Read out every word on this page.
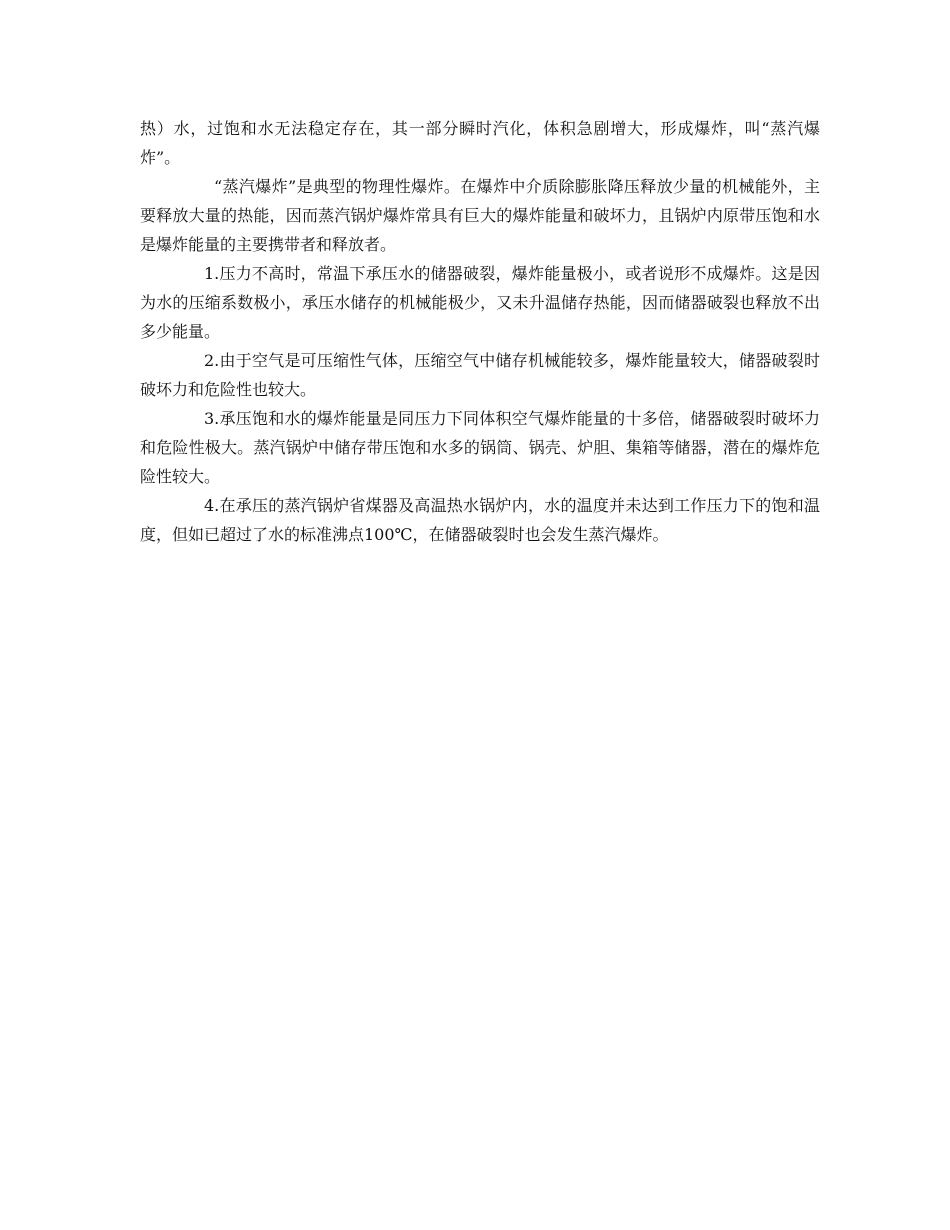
热）水，过饱和水无法稳定存在，其一部分瞬时汽化，体积急剧增大，形成爆炸，叫“蒸汽爆炸”。

“蒸汽爆炸”是典型的物理性爆炸。在爆炸中介质除膨胀降压释放少量的机械能外，主要释放大量的热能，因而蒸汽锅炉爆炸常具有巨大的爆炸能量和破坏力，且锅炉内原带压饱和水是爆炸能量的主要携带者和释放者。

1.压力不高时，常温下承压水的储器破裂，爆炸能量极小，或者说形不成爆炸。这是因为水的压缩系数极小，承压水储存的机械能极少，又未升温储存热能，因而储器破裂也释放不出多少能量。

2.由于空气是可压缩性气体，压缩空气中储存机械能较多，爆炸能量较大，储器破裂时破坏力和危险性也较大。

3.承压饱和水的爆炸能量是同压力下同体积空气爆炸能量的十多倍，储器破裂时破坏力和危险性极大。蒸汽锅炉中储存带压饱和水多的锅筒、锅壳、炉胆、集箱等储器，潜在的爆炸危险性较大。

4.在承压的蒸汽锅炉省煤器及高温热水锅炉内，水的温度并未达到工作压力下的饱和温度，但如已超过了水的标准沸点100℃，在储器破裂时也会发生蒸汽爆炸。
